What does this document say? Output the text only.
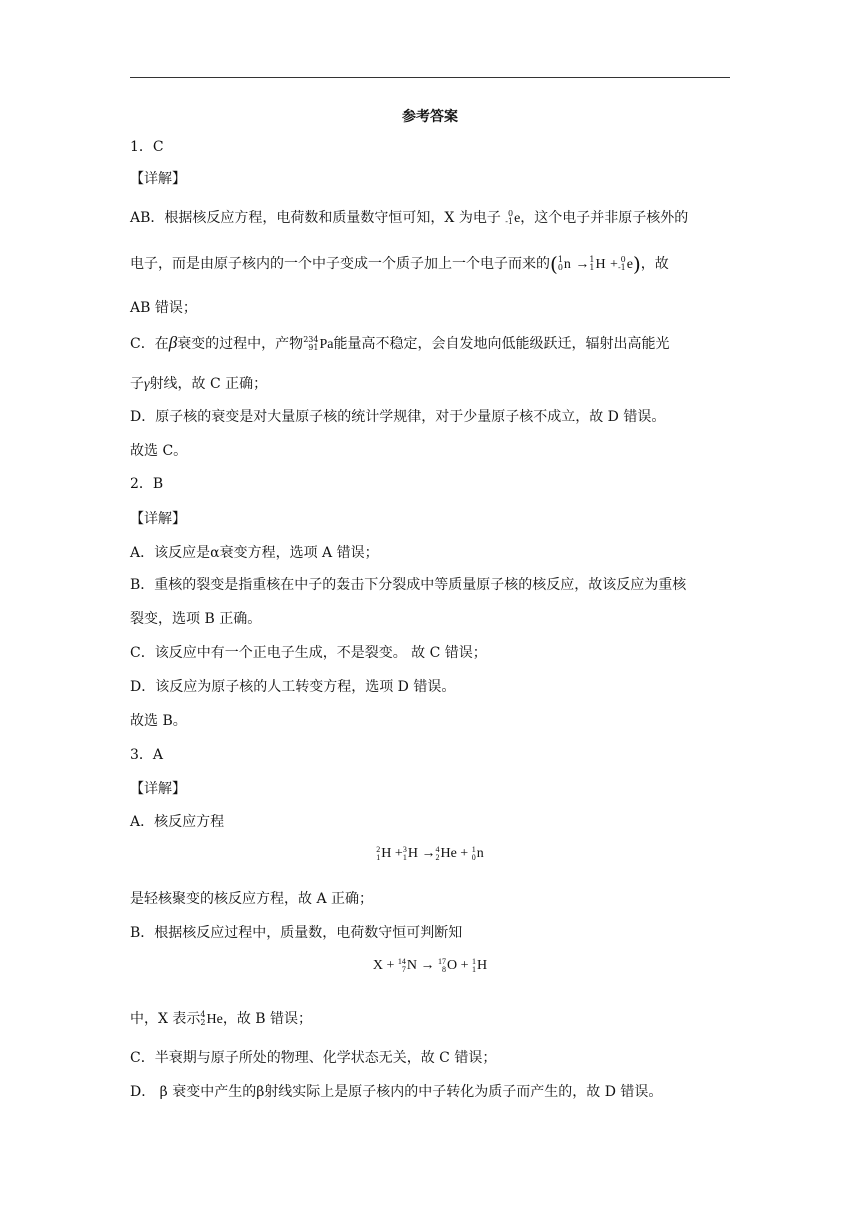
参考答案
1．C
【详解】
AB．根据核反应方程，电荷数和质量数守恒可知，X 为电子 0
-1 e，这个电子并非原子核外的
电子，而是由原子核内的一个中子变成一个质子加上一个电子而来的( 1
0 n → 1
1 H + 0
-1 e)，故
AB 错误；
C．在β衰变的过程中，产物 234
91 Pa能量高不稳定，会自发地向低能级跃迁，辐射出高能光
子γ射线，故 C 正确；
D．原子核的衰变是对大量原子核的统计学规律，对于少量原子核不成立，故 D 错误。
故选 C。
2．B
【详解】
A．该反应是α衰变方程，选项 A 错误；
B．重核的裂变是指重核在中子的轰击下分裂成中等质量原子核的核反应，故该反应为重核
裂变，选项 B 正确。
C．该反应中有一个正电子生成，不是裂变。 故 C 错误；
D．该反应为原子核的人工转变方程，选项 D 错误。
故选 B。
3．A
【详解】
A．核反应方程
2
1 H + 3
1 H → 4
2 He + 1
0 n
是轻核聚变的核反应方程，故 A 正确；
B．根据核反应过程中，质量数，电荷数守恒可判断知
X + 14
7 N → 17
8 O + 1
1 H
中，X 表示 4
2 He，故 B 错误；
C．半衰期与原子所处的物理、化学状态无关，故 C 错误；
D． β 衰变中产生的β射线实际上是原子核内的中子转化为质子而产生的，故 D 错误。
